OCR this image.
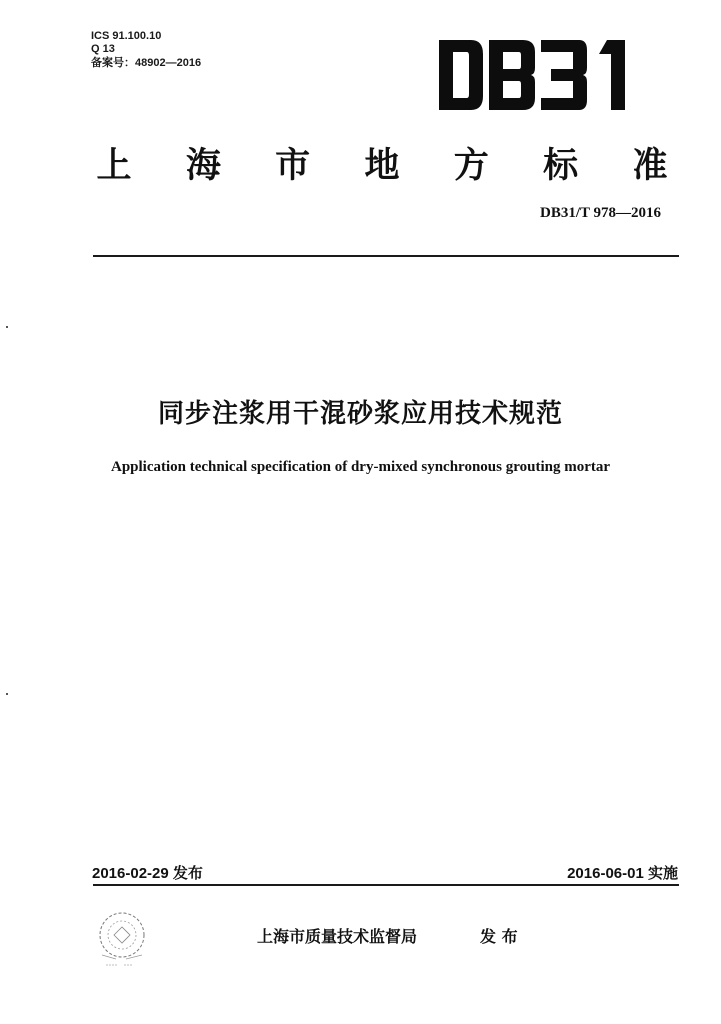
ICS 91.100.10
Q 13
备案号：48902—2016
上 海 市 地 方 标 准
DB31/T 978—2016
同步注浆用干混砂浆应用技术规范
Application technical specification of dry-mixed synchronous grouting mortar
2016-02-29 发布	2016-06-01 实施
上海市质量技术监督局	发 布
